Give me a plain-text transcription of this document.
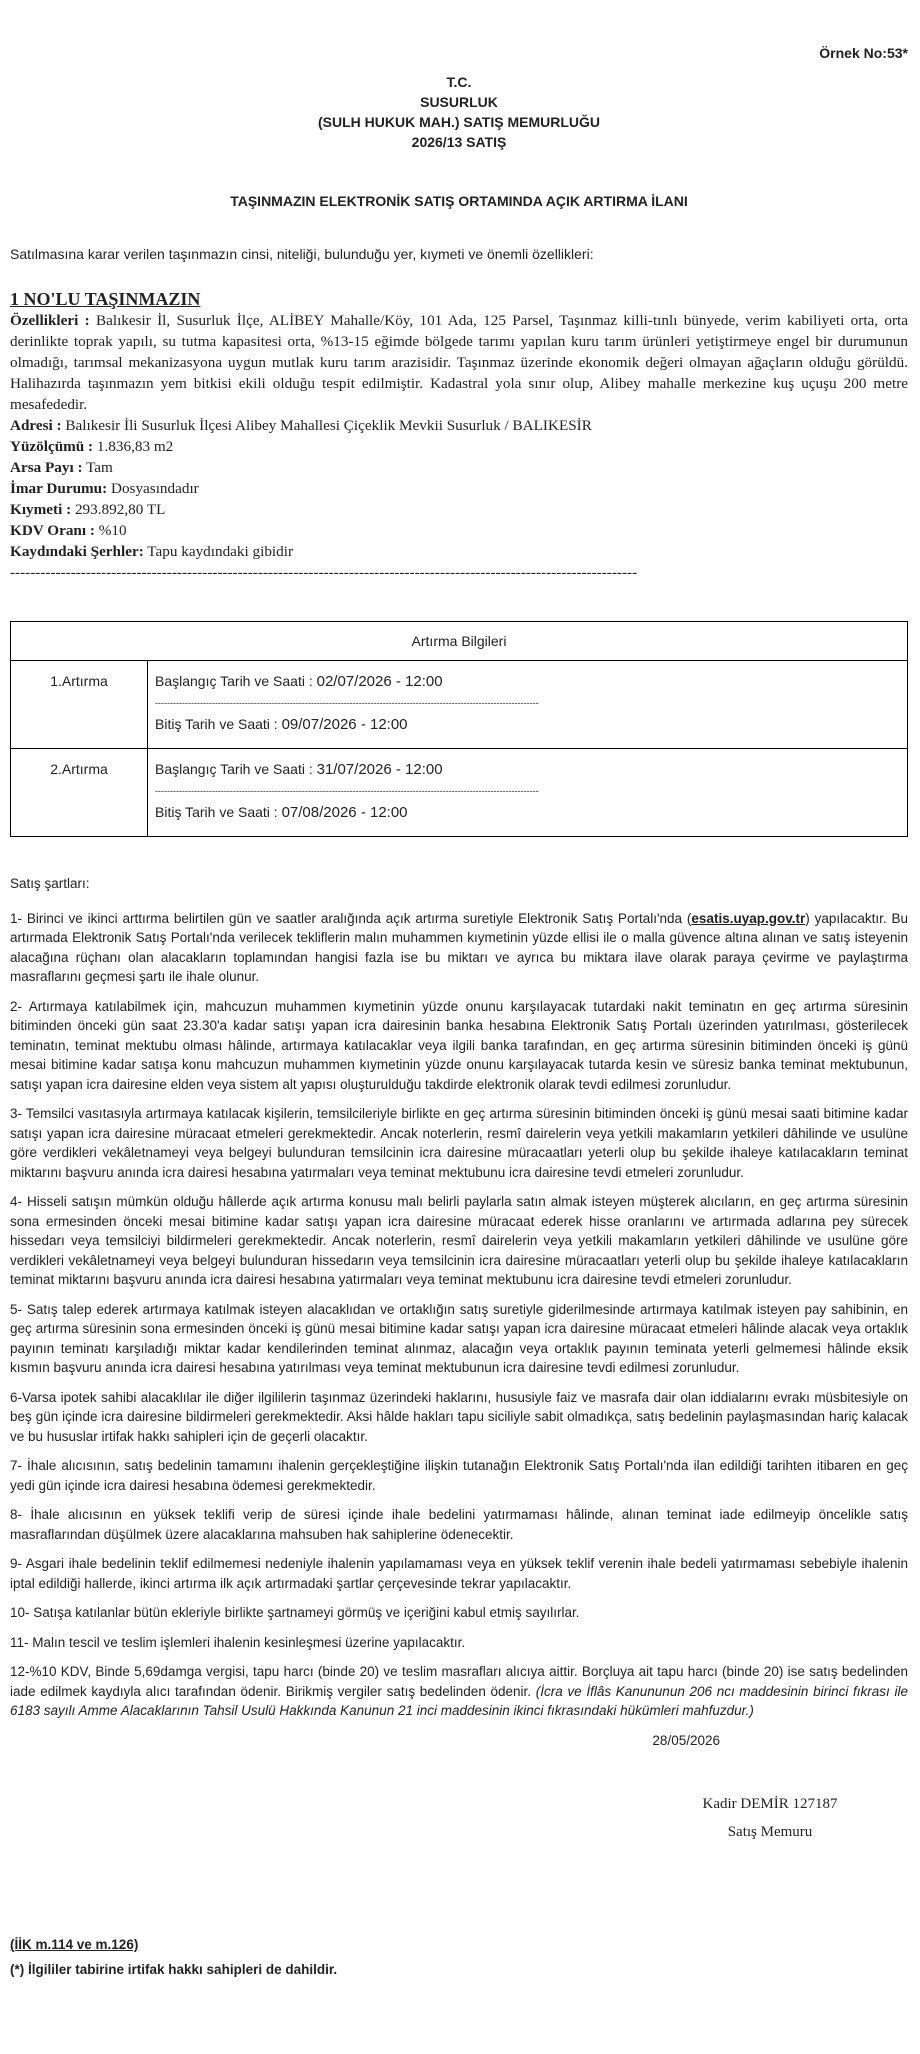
Örnek No:53*
T.C.
SUSURLUK
(SULH HUKUK MAH.) SATIŞ MEMURLUĞU
2026/13 SATIŞ
TAŞINMAZIN ELEKTRONİK SATIŞ ORTAMINDA AÇIK ARTIRMA İLANI
Satılmasına karar verilen taşınmazın cinsi, niteliği, bulunduğu yer, kıymeti ve önemli özellikleri:
1 NO'LU TAŞINMAZIN

Özellikleri : Balıkesir İl, Susurluk İlçe, ALİBEY Mahalle/Köy, 101 Ada, 125 Parsel, Taşınmaz killi-tınlı bünyede, verim kabiliyeti orta, orta derinlikte toprak yapılı, su tutma kapasitesi orta, %13-15 eğimde bölgede tarımı yapılan kuru tarım ürünleri yetiştirmeye engel bir durumunun olmadığı, tarımsal mekanizasyona uygun mutlak kuru tarım arazisidir. Taşınmaz üzerinde ekonomik değeri olmayan ağaçların olduğu görüldü. Halihazırda taşınmazın yem bitkisi ekili olduğu tespit edilmiştir. Kadastral yola sınır olup, Alibey mahalle merkezine kuş uçuşu 200 metre mesafededir.

Adresi : Balıkesir İli Susurluk İlçesi Alibey Mahallesi Çiçeklik Mevkii Susurluk / BALIKESİR

Yüzölçümü : 1.836,83 m2

Arsa Payı : Tam

İmar Durumu: Dosyasındadır

Kıymeti : 293.892,80 TL

KDV Oranı : %10

Kaydındaki Şerhler: Tapu kaydındaki gibidir

----------------------------------------------------------------------------------------------------------------------------
Artırma Bilgileri	
1.Artırma	Başlangıç Tarih ve Saati : 02/07/2026 - 12:00
--------------------------------------------------------------------------------------------------------------------------------
Bitiş Tarih ve Saati : 09/07/2026 - 12:00

2.Artırma	Başlangıç Tarih ve Saati : 31/07/2026 - 12:00
--------------------------------------------------------------------------------------------------------------------------------
Bitiş Tarih ve Saati : 07/08/2026 - 12:00

Satış şartları:

1- Birinci ve ikinci arttırma belirtilen gün ve saatler aralığında açık artırma suretiyle Elektronik Satış Portalı'nda (esatis.uyap.gov.tr) yapılacaktır. Bu artırmada Elektronik Satış Portalı'nda verilecek tekliflerin malın muhammen kıymetinin yüzde ellisi ile o malla güvence altına alınan ve satış isteyenin alacağına rüçhanı olan alacakların toplamından hangisi fazla ise bu miktarı ve ayrıca bu miktara ilave olarak paraya çevirme ve paylaştırma masraflarını geçmesi şartı ile ihale olunur.

2- Artırmaya katılabilmek için, mahcuzun muhammen kıymetinin yüzde onunu karşılayacak tutardaki nakit teminatın en geç artırma süresinin bitiminden önceki gün saat 23.30'a kadar satışı yapan icra dairesinin banka hesabına Elektronik Satış Portalı üzerinden yatırılması, gösterilecek teminatın, teminat mektubu olması hâlinde, artırmaya katılacaklar veya ilgili banka tarafından, en geç artırma süresinin bitiminden önceki iş günü mesai bitimine kadar satışa konu mahcuzun muhammen kıymetinin yüzde onunu karşılayacak tutarda kesin ve süresiz banka teminat mektubunun, satışı yapan icra dairesine elden veya sistem alt yapısı oluşturulduğu takdirde elektronik olarak tevdi edilmesi zorunludur.

3- Temsilci vasıtasıyla artırmaya katılacak kişilerin, temsilcileriyle birlikte en geç artırma süresinin bitiminden önceki iş günü mesai saati bitimine kadar satışı yapan icra dairesine müracaat etmeleri gerekmektedir. Ancak noterlerin, resmî dairelerin veya yetkili makamların yetkileri dâhilinde ve usulüne göre verdikleri vekâletnameyi veya belgeyi bulunduran temsilcinin icra dairesine müracaatları yeterli olup bu şekilde ihaleye katılacakların teminat miktarını başvuru anında icra dairesi hesabına yatırmaları veya teminat mektubunu icra dairesine tevdi etmeleri zorunludur.

4- Hisseli satışın mümkün olduğu hâllerde açık artırma konusu malı belirli paylarla satın almak isteyen müşterek alıcıların, en geç artırma süresinin sona ermesinden önceki mesai bitimine kadar satışı yapan icra dairesine müracaat ederek hisse oranlarını ve artırmada adlarına pey sürecek hissedarı veya temsilciyi bildirmeleri gerekmektedir. Ancak noterlerin, resmî dairelerin veya yetkili makamların yetkileri dâhilinde ve usulüne göre verdikleri vekâletnameyi veya belgeyi bulunduran hissedarın veya temsilcinin icra dairesine müracaatları yeterli olup bu şekilde ihaleye katılacakların teminat miktarını başvuru anında icra dairesi hesabına yatırmaları veya teminat mektubunu icra dairesine tevdi etmeleri zorunludur.

5- Satış talep ederek artırmaya katılmak isteyen alacaklıdan ve ortaklığın satış suretiyle giderilmesinde artırmaya katılmak isteyen pay sahibinin, en geç artırma süresinin sona ermesinden önceki iş günü mesai bitimine kadar satışı yapan icra dairesine müracaat etmeleri hâlinde alacak veya ortaklık payının teminatı karşıladığı miktar kadar kendilerinden teminat alınmaz, alacağın veya ortaklık payının teminata yeterli gelmemesi hâlinde eksik kısmın başvuru anında icra dairesi hesabına yatırılması veya teminat mektubunun icra dairesine tevdi edilmesi zorunludur.

6-Varsa ipotek sahibi alacaklılar ile diğer ilgililerin taşınmaz üzerindeki haklarını, hususiyle faiz ve masrafa dair olan iddialarını evrakı müsbitesiyle on beş gün içinde icra dairesine bildirmeleri gerekmektedir. Aksi hâlde hakları tapu siciliyle sabit olmadıkça, satış bedelinin paylaşmasından hariç kalacak ve bu hususlar irtifak hakkı sahipleri için de geçerli olacaktır.

7- İhale alıcısının, satış bedelinin tamamını ihalenin gerçekleştiğine ilişkin tutanağın Elektronik Satış Portalı'nda ilan edildiği tarihten itibaren en geç yedi gün içinde icra dairesi hesabına ödemesi gerekmektedir.

8- İhale alıcısının en yüksek teklifi verip de süresi içinde ihale bedelini yatırmaması hâlinde, alınan teminat iade edilmeyip öncelikle satış masraflarından düşülmek üzere alacaklarına mahsuben hak sahiplerine ödenecektir.

9- Asgari ihale bedelinin teklif edilmemesi nedeniyle ihalenin yapılamaması veya en yüksek teklif verenin ihale bedeli yatırmaması sebebiyle ihalenin iptal edildiği hallerde, ikinci artırma ilk açık artırmadaki şartlar çerçevesinde tekrar yapılacaktır.

10- Satışa katılanlar bütün ekleriyle birlikte şartnameyi görmüş ve içeriğini kabul etmiş sayılırlar.

11- Malın tescil ve teslim işlemleri ihalenin kesinleşmesi üzerine yapılacaktır.

12-%10 KDV, Binde 5,69damga vergisi, tapu harcı (binde 20) ve teslim masrafları alıcıya aittir. Borçluya ait tapu harcı (binde 20) ise satış bedelinden iade edilmek kaydıyla alıcı tarafından ödenir. Birikmiş vergiler satış bedelinden ödenir. (İcra ve İflâs Kanununun 206 ncı maddesinin birinci fıkrası ile 6183 sayılı Amme Alacaklarının Tahsil Usulü Hakkında Kanunun 21 inci maddesinin ikinci fıkrasındaki hükümleri mahfuzdur.)

28/05/2026
Kadir DEMİR 127187
Satış Memuru
(İİK m.114 ve m.126)
(*) İlgililer tabirine irtifak hakkı sahipleri de dahildir.
